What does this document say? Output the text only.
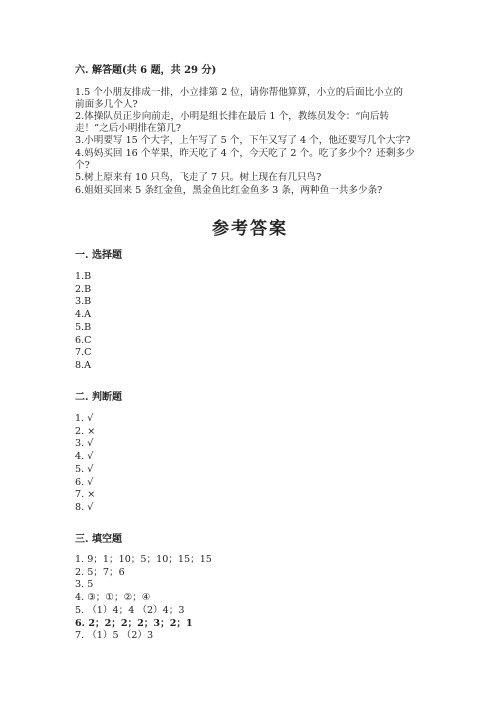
六. 解答题(共 6 题，共 29 分)
1.5 个小朋友排成一排，小立排第 2 位，请你帮他算算，小立的后面比小立的
前面多几个人?
2.体操队员正步向前走，小明是组长排在最后 1 个，教练员发令：“向后转
走！”之后小明排在第几?
3.小明要写 15 个大字，上午写了 5 个，下午又写了 4 个，他还要写几个大字?
4.妈妈买回 16 个苹果，昨天吃了 4 个，今天吃了 2 个。吃了多少个？还剩多少
个?
5.树上原来有 10 只鸟，飞走了 7 只。树上现在有几只鸟?
6.姐姐买回来 5 条红金鱼，黑金鱼比红金鱼多 3 条，两种鱼一共多少条?
参考答案
一. 选择题
1.B
2.B
3.B
4.A
5.B
6.C
7.C
8.A
二. 判断题
1. √
2. ×
3. √
4. √
5. √
6. √
7. ×
8. √
三. 填空题
1. 9；1；10；5；10；15；15
2. 5；7；6
3. 5
4. ③；①；②；④
5. （1）4；4 （2）4；3
6. 2；2；2；2；3；2；1
7. （1）5 （2）3
